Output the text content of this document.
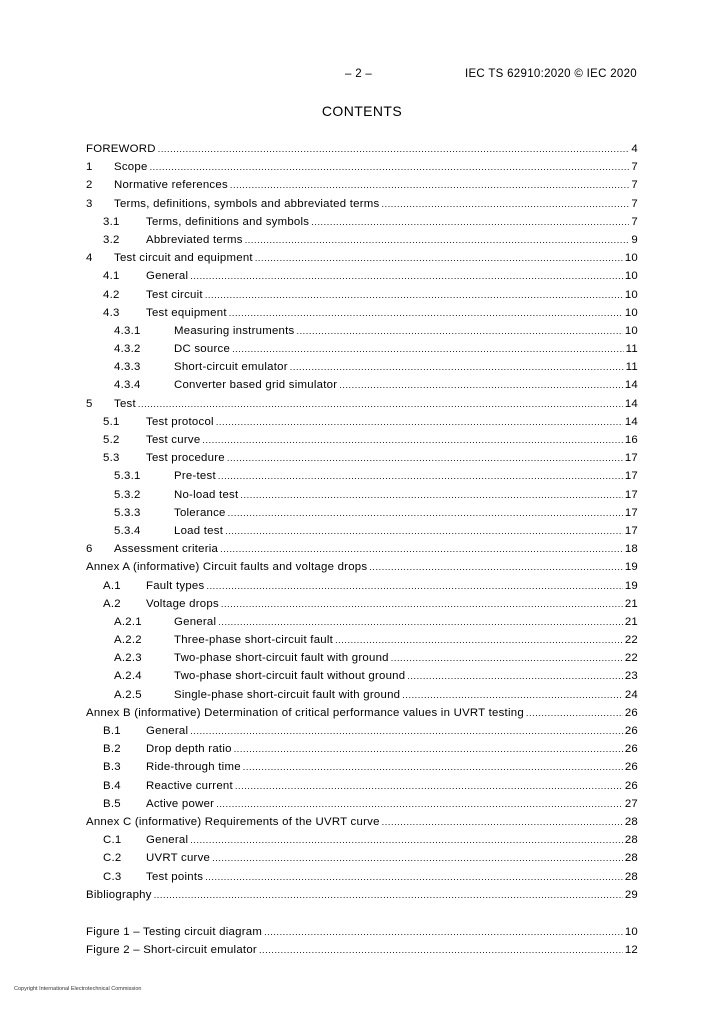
– 2 –	IEC TS 62910:2020 © IEC 2020
CONTENTS
FOREWORD .....	4
1	Scope .....	7
2	Normative references .....	7
3	Terms, definitions, symbols and abbreviated terms .....	7
3.1	Terms, definitions and symbols .....	7
3.2	Abbreviated terms .....	9
4	Test circuit and equipment .....	10
4.1	General .....	10
4.2	Test circuit .....	10
4.3	Test equipment .....	10
4.3.1	Measuring instruments .....	10
4.3.2	DC source .....	11
4.3.3	Short-circuit emulator .....	11
4.3.4	Converter based grid simulator .....	14
5	Test .....	14
5.1	Test protocol .....	14
5.2	Test curve .....	16
5.3	Test procedure .....	17
5.3.1	Pre-test .....	17
5.3.2	No-load test .....	17
5.3.3	Tolerance .....	17
5.3.4	Load test .....	17
6	Assessment criteria .....	18
Annex A (informative) Circuit faults and voltage drops .....	19
A.1	Fault types .....	19
A.2	Voltage drops .....	21
A.2.1	General .....	21
A.2.2	Three-phase short-circuit fault .....	22
A.2.3	Two-phase short-circuit fault with ground .....	22
A.2.4	Two-phase short-circuit fault without ground .....	23
A.2.5	Single-phase short-circuit fault with ground .....	24
Annex B (informative) Determination of critical performance values in UVRT testing .....	26
B.1	General .....	26
B.2	Drop depth ratio .....	26
B.3	Ride-through time .....	26
B.4	Reactive current .....	26
B.5	Active power .....	27
Annex C (informative) Requirements of the UVRT curve .....	28
C.1	General .....	28
C.2	UVRT curve .....	28
C.3	Test points .....	28
Bibliography .....	29
Figure 1 – Testing circuit diagram .....	10
Figure 2 – Short-circuit emulator .....	12
Copyright International Electrotechnical Commission
